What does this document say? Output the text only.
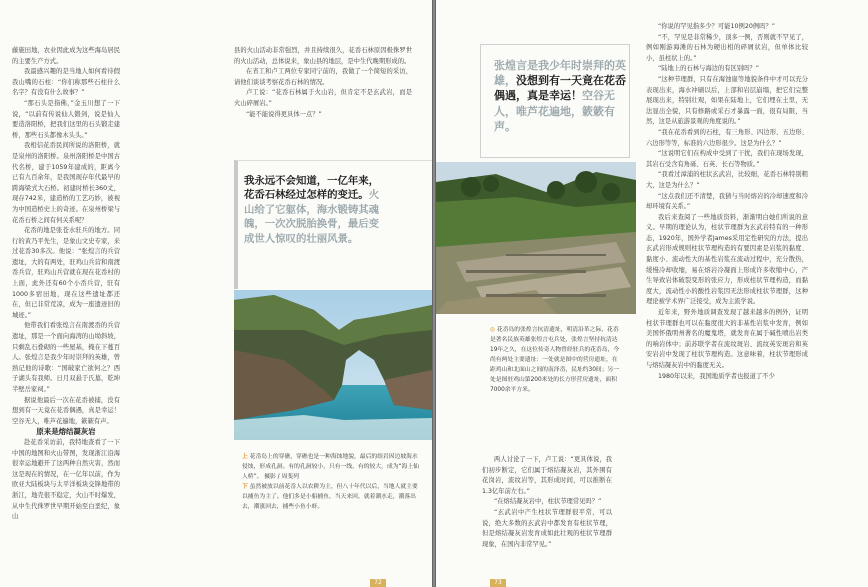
藤施田地，农业因此成为这些海岛居民的主要生产方式。

我最感兴趣的是当地人如何看待假我山嘴的石柱：“你们称那些石柱什么名字？有没有什么故事？”

“那石头是指佛，”金玉川想了一下说，“以前有传说仙人锻剑，说是仙人要造洛阳桥，把我们这里的石头锻走建桥，那些石头都像木头头。”

我相信花岙民间所说的洛阳桥，就是泉州的洛阳桥。泉州洛阳桥是中国古代名桥，建于1059年建成的，距离今已有九百余年，是我国现存年代最早的跨海梁式大石桥。初建时桥长360丈，现存742米，建造桥的工艺巧妙，被视为中国造桥史上的奇迹。在泉州桥梁与花岙石桥之间有何关系呢？

花岙的地是张苍水驻兵的地方。同行的黄乃平先生，是象山文史专家，来过花岙30多次。他说：“张煌言的兵营遗址，大的有两处，驻鸡山兵营和南渡岙兵营，驻鸡山兵营就在现在花岙村的上面，此外还有60个小岙兵营，驻有1000多宿田地，现在这些遗址都还在，但已非常荒凉，成为一座遗迹旧的城迹。”

他带我们看张煌言在南渡岙的兵营遗址，那是一个面向海湾的山坳斜坡，只剩乱石叠砌的一些屋基，掩在下蔓百人。张煌言是我少年时崇拜的英雄，曾熟记他的诗歌：“国破家亡欲何之？西子湖头有我师。日月双悬于氏墓，乾坤半壁岳家祠。”

据说他最后一次在花岙被捕，没有想到有一天竟在花岙偶遇，真是幸运！空谷无人，唯芦花遍地，簌簌有声。

原来是熔结凝灰岩

赴花岙采访前，我特地查看了一下中国的地图和火山带图，发现浙江沿海很幸运地避开了这两种自然灾害，然而这是现在的情况，在一亿年以前，作为欧亚大陆板块与太平洋板块交锋地带的浙江，地壳很不稳定，火山不时爆发，从中生代侏罗世早期开始至白垩纪，象山

县的火山活动非常强烈，并且持续很久，花岙石林原因极侏罗世的火山活动，总体说来，象山县的地层，是中生代晚期形成的。

在省工和卢工两位专家同宁前的，我做了一个简短的采访，请他们谈谈考察花岙石林的情况。

卢工说：“花岙石林属于火山岩，但肯定不是玄武岩，而是火山碎屑岩。”

“能不能说得更具体一点？”

我永远不会知道，一亿年来，花岙石林经过怎样的变迁。火山给了它躯体，海水锻铸其魂魄，一次次脱胎换骨，最后变成世人惊叹的壮丽风景。
上 花岙岛上的穿礁，穿礁也是一种海蚀地貌，最后的组岩因边坡海水侵蚀，形成孔洞。有的孔洞较小，只有一线，有的较大，成为“海上仙人桥”。 摄影 / 周斐列
下 虽然被放以前花岙人以农耕为主，但八十年代以后，当地人就主要以捕鱼为主了。他们多是小船捕鱼，当天来回，就着潮水走，潮落出去，潮涨回去，捕些小鱼小虾。
72
张煌言是我少年时崇拜的英雄，没想到有一天竟在花岙偶遇，真是幸运！空谷无人，唯芦花遍地，簌簌有声。
◎ 花岙岛的张煌言抗清遗址，明清沿革之际，花岙是著名民族英雄张煌言屯兵处，张煌言坚持抗清达19年之久，在这位传奇人物曾经驻兵的花岙岛，今尚有两处主要遗址：一处就是图中的营房遗址，在距鸡山和北面山之间的南泽岙，民址约30间；另一处是图驻鸡山第200米处的长方形营房遗址，面积7000余平方米。

两人讨论了一下，卢工说：“更具体说，我们初步断定，它们属于熔结凝灰岩，其外围有花岗岩，流纹岩等，其形成时间，可以推断在1.3亿年前左右。”

“在熔结凝灰岩中，柱状节理常见吗？”

“玄武岩中产生柱状节理群很平常，可以说，绝大多数的玄武岩中都发育有柱状节理，但是熔结凝灰岩发育成如此壮观的柱状节理群现象，在国内非常罕见。”

“你说的罕见指多少？可能10例20例吗？”

“不，罕见是非常稀少，顶多一例，否则就不罕见了，例如刚游海滩的石林为硬出相的碎屑状岩，但单体比较小，虽柱状上的。”

“陆地上的石林与海边的有区别吗？”

“这种节理群，只有在海蚀崖等地貌条件中才可以充分表现出来，海水冲刷以后，上部和岩层崩塌，把它们完整展现出来，特别壮观，如果在陆地上，它们埋在土里，无法显出全貌，只有修路或采石才暴露一面，很有局限，当然，这是从旅游景观的角度说的。”

“我在花岙看到的石柱，有三角形、四边形、五边形、六边形等等，标准的六边形很少。这是为什么？”

“这说明它们在构成中受到了干扰，我们在现场发现，其岩石受含有角砾、石英、长石等物质。”

“我看过漳浦的柱状玄武岩，比较细，花岙石林特别粗大，这是为什么？”

“这点我们还不清楚，我猜与当时熔岩的冷却速度和冷却环境有关系。”

我后来查阅了一些地质资料，渐渐明白她们所说的意义。早期的理论认为，柱状节理群为玄武岩特有的一种形态，1920年，国外学者James采用定性研究的方法，提出玄武岩形成规则柱状节理构造的有要因素是岩浆的黏度、黏度小、流动性大的基性岩浆在流动过程中，充分散热，缓慢冷却收缩，易在熔岩冷凝面上形成许多收缩中心，产生导致岩体破裂变形的张应力，形成柱状节理构造，而黏度大，流动性小的酸性岩浆因无法形成柱状节理群，这种理论被学术界广泛接受，成为主流学说。

近年来，野外地质调查发现了越来越多的例外，证明柱状节理群也可以在黏度很大的非基性岩浆中发育，例如美国怀俄明州著名的魔鬼塔，就发育在属于碱性喷出岩类的响岩体中；前苏联学者在流纹斑岩、流纹英安斑岩和英安岩岩中发现了柱状节理构造。这意味着，柱状节理形成与熔结凝灰岩中的黏度无关。

1980年以来，我国地质学者也报道了不少

73
